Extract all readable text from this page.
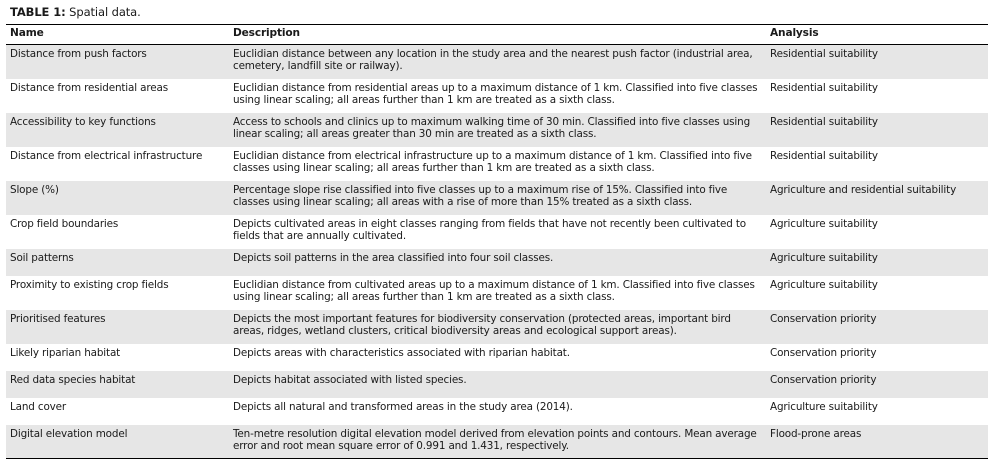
TABLE 1: Spatial data.
Name	Description	Analysis
Distance from push factors	Euclidian distance between any location in the study area and the nearest push factor (industrial area, cemetery, landfill site or railway).	Residential suitability
Distance from residential areas	Euclidian distance from residential areas up to a maximum distance of 1 km. Classified into five classes using linear scaling; all areas further than 1 km are treated as a sixth class.	Residential suitability
Accessibility to key functions	Access to schools and clinics up to maximum walking time of 30 min. Classified into five classes using linear scaling; all areas greater than 30 min are treated as a sixth class.	Residential suitability
Distance from electrical infrastructure	Euclidian distance from electrical infrastructure up to a maximum distance of 1 km. Classified into five classes using linear scaling; all areas further than 1 km are treated as a sixth class.	Residential suitability
Slope (%)	Percentage slope rise classified into five classes up to a maximum rise of 15%. Classified into five classes using linear scaling; all areas with a rise of more than 15% treated as a sixth class.	Agriculture and residential suitability
Crop field boundaries	Depicts cultivated areas in eight classes ranging from fields that have not recently been cultivated to fields that are annually cultivated.	Agriculture suitability
Soil patterns	Depicts soil patterns in the area classified into four soil classes.	Agriculture suitability
Proximity to existing crop fields	Euclidian distance from cultivated areas up to a maximum distance of 1 km. Classified into five classes using linear scaling; all areas further than 1 km are treated as a sixth class.	Agriculture suitability
Prioritised features	Depicts the most important features for biodiversity conservation (protected areas, important bird areas, ridges, wetland clusters, critical biodiversity areas and ecological support areas).	Conservation priority
Likely riparian habitat	Depicts areas with characteristics associated with riparian habitat.	Conservation priority
Red data species habitat	Depicts habitat associated with listed species.	Conservation priority
Land cover	Depicts all natural and transformed areas in the study area (2014).	Agriculture suitability
Digital elevation model	Ten-metre resolution digital elevation model derived from elevation points and contours. Mean average error and root mean square error of 0.991 and 1.431, respectively.	Flood-prone areas
